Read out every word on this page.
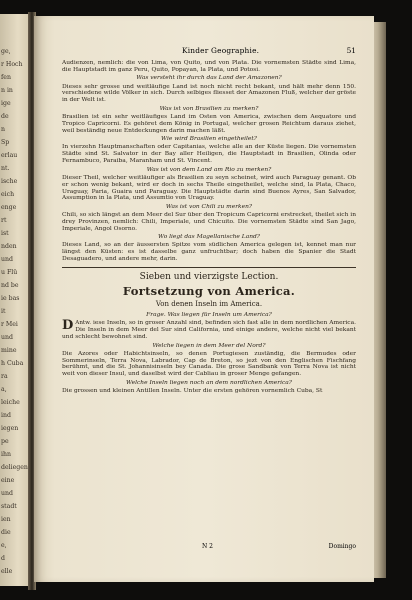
ge,
r Hoch
fen
n in
ige
de
n
Sp
erlau
nt.
ische
eich
enge
rt
ist
nden
und
u Flü
nd be
ie bas
it
r Mei
und
mine
h Cuba
ra
a,
leiche
ind
iegen
pe
ihn
deliegen
eine
und
stadt
ien
die
e,
d
elle
Kinder Geographie.	51

Audienzen, nemlich: die von Lima, von Quito, und von Plata. Die vornemsten Städte sind Lima, die Hauptstadt im ganz Peru, Quito, Popayan, la Plata, und Potosi.

Was versteht ihr durch das Land der Amazonen?

Dieses sehr grosse und weitläufige Land ist noch nicht recht bekant, und hält mehr denn 150. verschiedene wilde Völker in sich. Durch selbiges fliesset der Amazonen Fluß, welcher der gröste in der Welt ist.

Was ist von Brasilien zu merken?

Brasilien ist ein sehr weitläufiges Land im Osten von America, zwischen dem Aequatore und Tropico Capricorni. Es gehöret dem König in Portugal, welcher grosen Reichtum daraus ziehet, weil beständig neue Entdeckungen darin machen läßt.

Wie wird Brasilien eingetheilet?

In vierzehn Hauptmanschaften oder Capitanias, welche alle an der Küste liegen. Die vornemsten Städte sind St. Salvator in der Bay aller Heiligen, die Hauptstadt in Brasilien, Olinda oder Fernambuco, Paraiba, Maranham und St. Vincent.

Was ist von dem Land am Rio zu merken?

Dieser Theil, welcher weitläufiger als Brasilien zu seyn scheinet, wird auch Paraguay genant. Ob er schon wenig bekant, wird er doch in sechs Theile eingetheilet, welche sind, la Plata, Chaco, Uraguay, Paria, Guaira und Paraguay. Die Hauptstädte darin sind Buenos Ayres, San Salvador, Assumption in la Plata, und Assumtio von Uraguay.

Was ist von Chili zu merken?

Chili, so sich längst an dem Meer del Sur über den Tropicum Capricorni erstrecket, theilet sich in drey Provinzen, nemlich: Chili, Imperiale, und Chicuito. Die vornemsten Städte sind San Jago, Imperiale, Angol Osorno.

Wo liegt das Magellanische Land?

Dieses Land, so an der äussersten Spitze vom südlichen America gelegen ist, kennet man nur längst den Küsten: es ist dasselbe ganz unfruchtbar; doch haben die Spanier die Stadt Desaguadero, und andere mehr, darin.

Sieben und vierzigste Lection.
Fortsetzung von America.
Von denen Inseln im America.

Frage. Was liegen für Inseln um America?

Antw.
D	iese Inseln, so in groser Anzahl sind, befinden sich fast alle in dem nordlichen America. Die Inseln in dem Meer del Sur sind California, und einige andere, welche nicht viel bekant und schlecht bewohnet sind.

Welche liegen in dem Meer del Nord?

Die Azores oder Habichtsinseln, so denen Portugiesen zuständig, die Bermudes oder Sommerinseln, Terra Nova, Labrador, Cap de Breton, so jezt von den Englischen Fischfang berühmt, und die St. Johannisinseln bey Canada. Die grose Sandbank von Terra Nova ist nicht weit von dieser Insul, und daselbst wird der Cabliau in groser Menge gefangen.

Welche Inseln liegen noch an dem nordlichen America?

Die grossen und kleinen Antillen Inseln. Unter die ersten gehören vornemlich Cuba, St

N 2	Domingo
